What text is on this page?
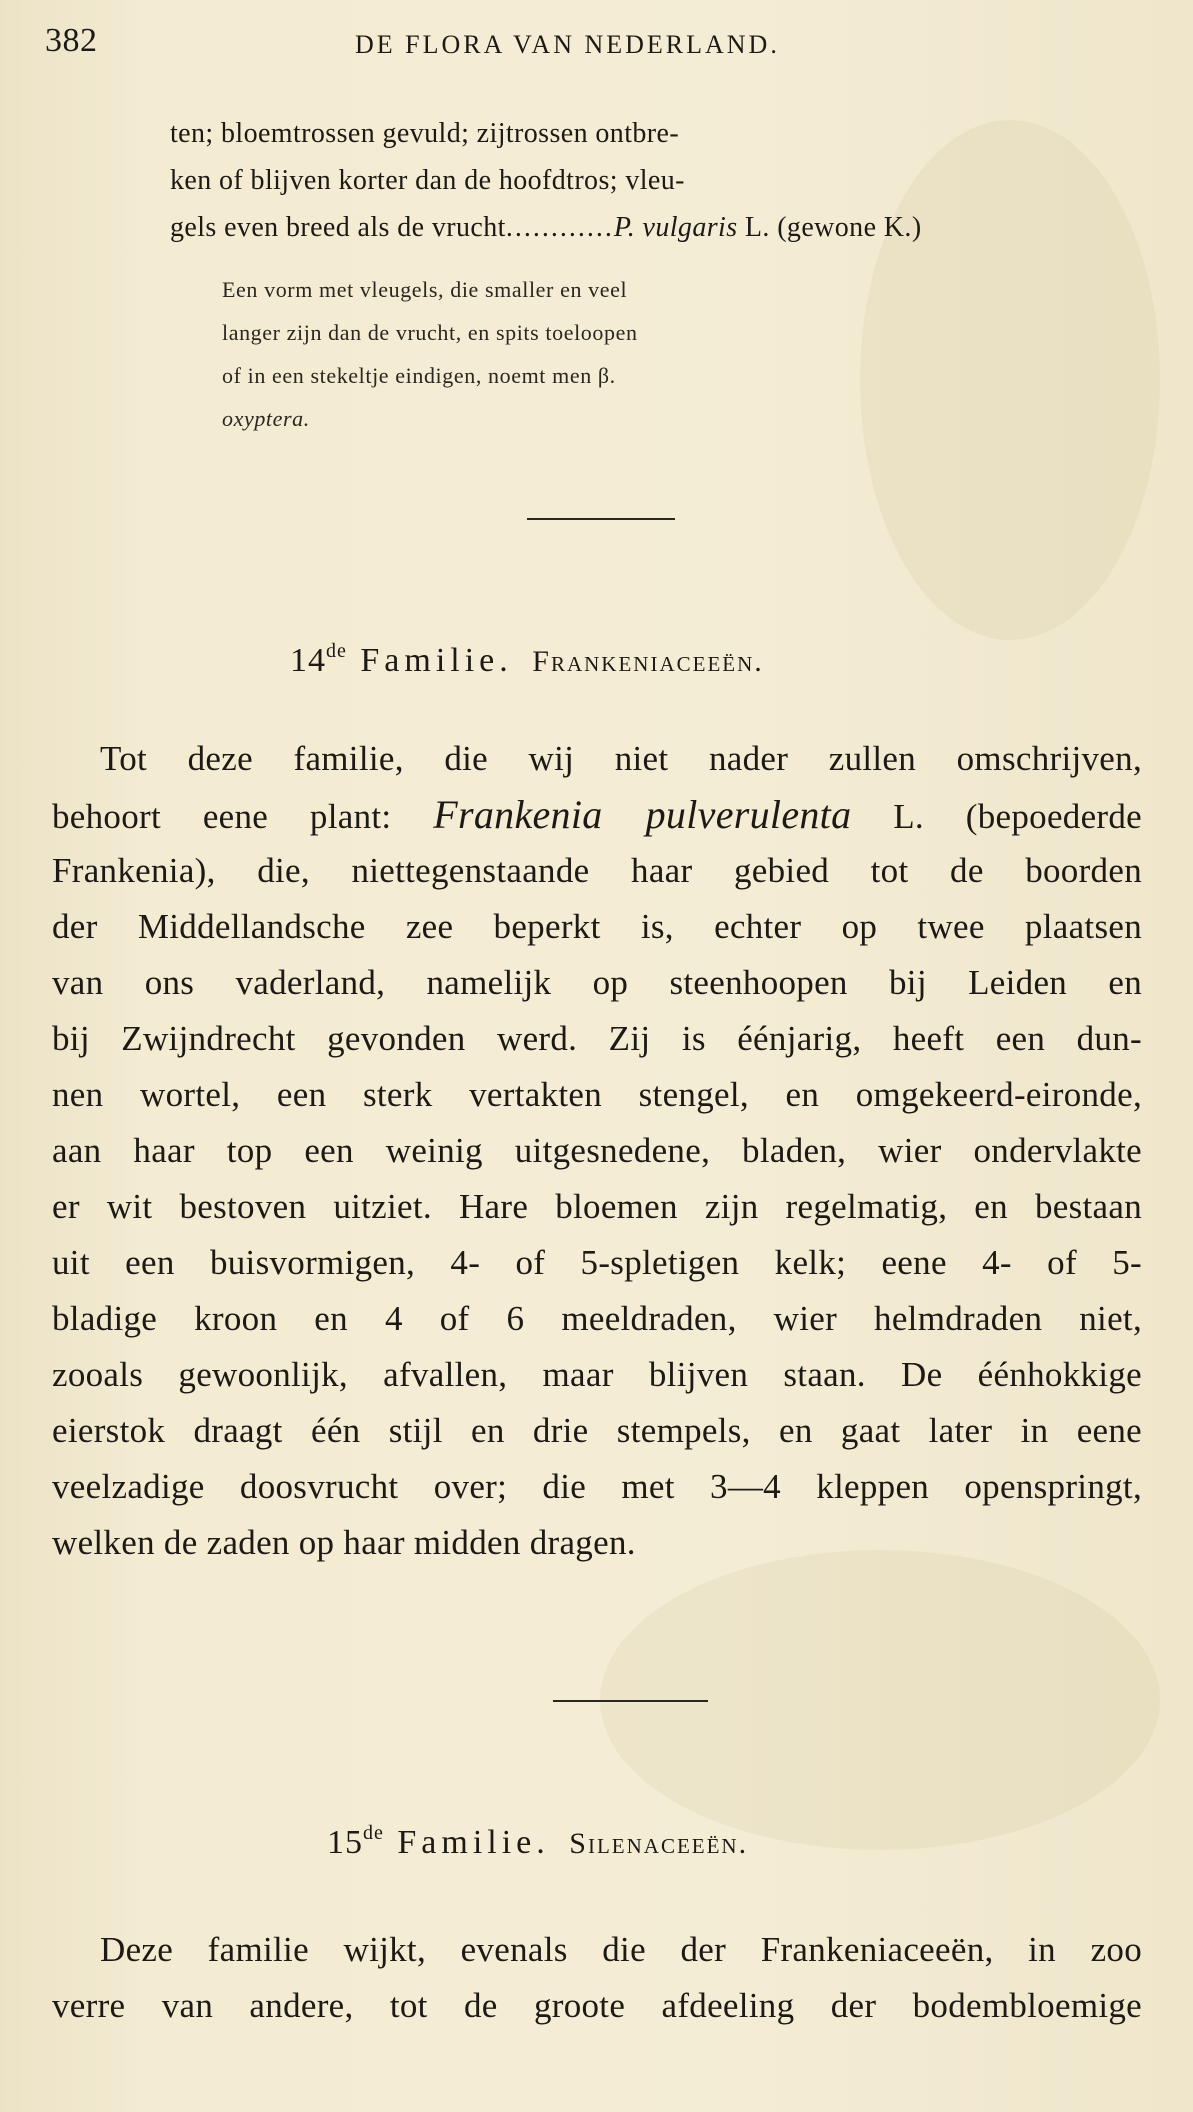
382	DE FLORA VAN NEDERLAND.
ten; bloemtrossen gevuld; zijtrossen ontbre-
ken of blijven korter dan de hoofdtros; vleu-
gels even breed als de vrucht............P. vulgaris L. (gewone K.)
Een vorm met vleugels, die smaller en veel
langer zijn dan de vrucht, en spits toeloopen
of in een stekeltje eindigen, noemt men β.
oxyptera.
14de Familie. Frankeniaceeën.
Tot deze familie, die wij niet nader zullen omschrijven,
behoort eene plant: Frankenia pulverulenta L. (bepoederde
Frankenia), die, niettegenstaande haar gebied tot de boorden
der Middellandsche zee beperkt is, echter op twee plaatsen
van ons vaderland, namelijk op steenhoopen bij Leiden en
bij Zwijndrecht gevonden werd. Zij is éénjarig, heeft een dun-
nen wortel, een sterk vertakten stengel, en omgekeerd-eironde,
aan haar top een weinig uitgesnedene, bladen, wier ondervlakte
er wit bestoven uitziet. Hare bloemen zijn regelmatig, en bestaan
uit een buisvormigen, 4- of 5-spletigen kelk; eene 4- of 5-
bladige kroon en 4 of 6 meeldraden, wier helmdraden niet,
zooals gewoonlijk, afvallen, maar blijven staan. De éénhokkige
eierstok draagt één stijl en drie stempels, en gaat later in eene
veelzadige doosvrucht over; die met 3—4 kleppen openspringt,
welken de zaden op haar midden dragen.
15de Familie. Silenaceeën.
Deze familie wijkt, evenals die der Frankeniaceeën, in zoo
verre van andere, tot de groote afdeeling der bodembloemige
